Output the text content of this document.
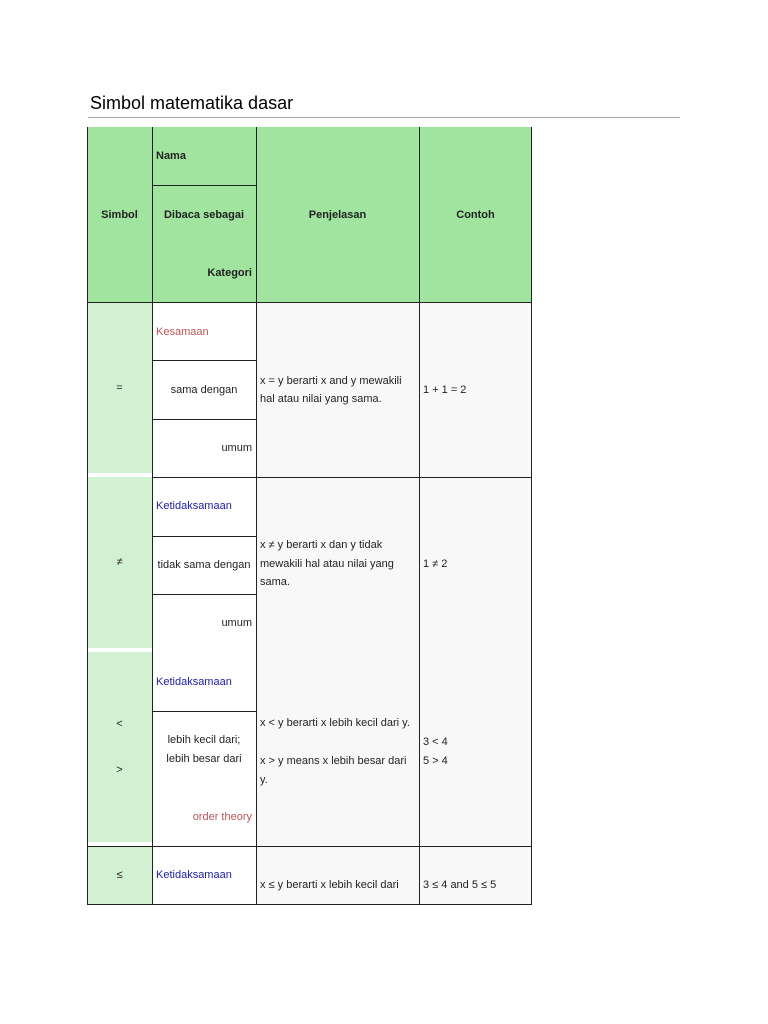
Simbol matematika dasar
Simbol
Nama
Dibaca sebagai
Kategori
Penjelasan	Contoh
=
Kesamaan
sama dengan
umum
x = y berarti x and y mewakili hal atau nilai yang sama.
1 + 1 = 2
≠
Ketidaksamaan
tidak sama dengan
umum
x ≠ y berarti x dan y tidak mewakili hal atau nilai yang sama.
1 ≠ 2
<
>
Ketidaksamaan
lebih kecil dari;
lebih besar dari
order theory
x < y berarti x lebih kecil dari y.
x > y means x lebih besar dari y.
3 < 4
5 > 4
≤	Ketidaksamaan
x ≤ y berarti x lebih kecil dari 3 ≤ 4 and 5 ≤ 5
